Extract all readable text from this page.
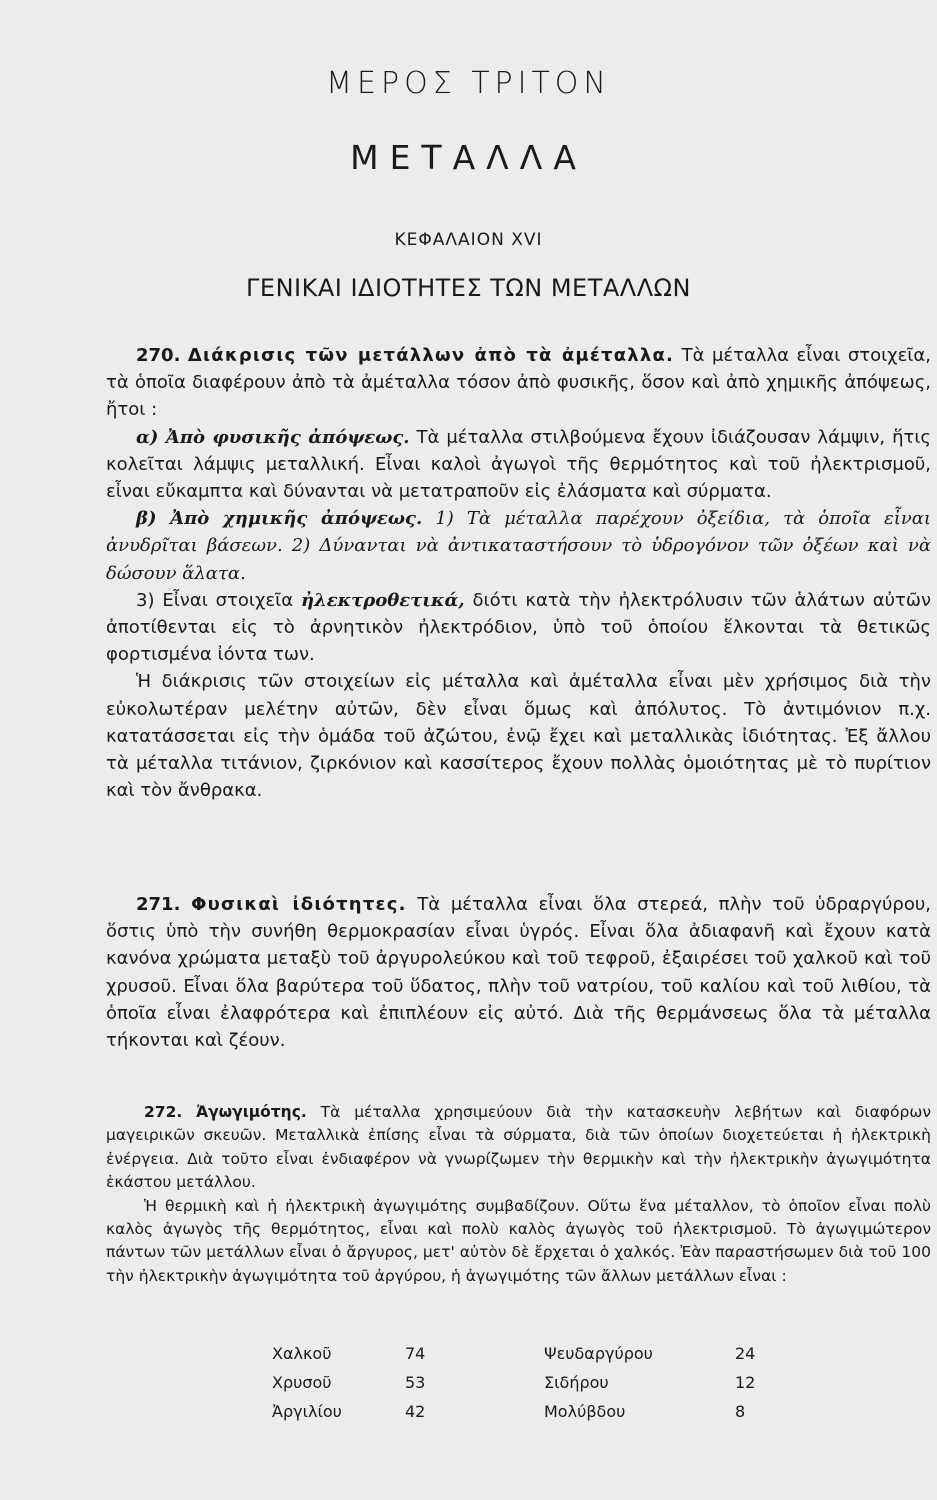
ΜΕΡΟΣ ΤΡΙΤΟΝ
ΜΕΤΑΛΛΑ
ΚΕΦΑΛΑΙΟΝ XVI
ΓΕΝΙΚΑΙ ΙΔΙΟΤΗΤΕΣ ΤΩΝ ΜΕΤΑΛΛΩΝ

270. Διάκρισις τῶν μετάλλων ἀπὸ τὰ ἀμέταλλα. Τὰ μέταλλα εἶναι στοιχεῖα, τὰ ὁποῖα διαφέρουν ἀπὸ τὰ ἀμέταλλα τόσον ἀπὸ φυσικῆς, ὅσον καὶ ἀπὸ χημικῆς ἀπόψεως, ἤτοι :

α) Ἀπὸ φυσικῆς ἀπόψεως. Τὰ μέταλλα στιλβούμενα ἔχουν ἰδιάζουσαν λάμψιν, ἥτις κολεῖται λάμψις μεταλλική. Εἶναι καλοὶ ἀγωγοὶ τῆς θερμότητος καὶ τοῦ ἠλεκτρισμοῦ, εἶναι εὔκαμπτα καὶ δύνανται νὰ μετατραποῦν εἰς ἐλάσματα καὶ σύρματα.

β) Ἀπὸ χημικῆς ἀπόψεως. 1) Τὰ μέταλλα παρέχουν ὀξείδια, τὰ ὁποῖα εἶναι ἀνυδρῖται βάσεων. 2) Δύνανται νὰ ἀντικαταστήσουν τὸ ὑδρογόνον τῶν ὀξέων καὶ νὰ δώσουν ἅλατα.

3) Εἶναι στοιχεῖα ἠλεκτροθετικά, διότι κατὰ τὴν ἠλεκτρόλυσιν τῶν ἁλάτων αὐτῶν ἀποτίθενται εἰς τὸ ἀρνητικὸν ἠλεκτρόδιον, ὑπὸ τοῦ ὁποίου ἕλκονται τὰ θετικῶς φορτισμένα ἰόντα των.

Ἡ διάκρισις τῶν στοιχείων εἰς μέταλλα καὶ ἀμέταλλα εἶναι μὲν χρήσιμος διὰ τὴν εὐκολωτέραν μελέτην αὐτῶν, δὲν εἶναι ὅμως καὶ ἀπόλυτος. Τὸ ἀντιμόνιον π.χ. κατατάσσεται εἰς τὴν ὁμάδα τοῦ ἀζώτου, ἐνῷ ἔχει καὶ μεταλλικὰς ἰδιότητας. Ἐξ ἄλλου τὰ μέταλλα τιτάνιον, ζιρκόνιον καὶ κασσίτερος ἔχουν πολλὰς ὁμοιότητας μὲ τὸ πυρίτιον καὶ τὸν ἄνθρακα.

271. Φυσικαὶ ἰδιότητες. Τὰ μέταλλα εἶναι ὅλα στερεά, πλὴν τοῦ ὑδραργύρου, ὅστις ὑπὸ τὴν συνήθη θερμοκρασίαν εἶναι ὑγρός. Εἶναι ὅλα ἀδιαφανῆ καὶ ἔχουν κατὰ κανόνα χρώματα μεταξὺ τοῦ ἀργυρολεύκου καὶ τοῦ τεφροῦ, ἐξαιρέσει τοῦ χαλκοῦ καὶ τοῦ χρυσοῦ. Εἶναι ὅλα βαρύτερα τοῦ ὕδατος, πλὴν τοῦ νατρίου, τοῦ καλίου καὶ τοῦ λιθίου, τὰ ὁποῖα εἶναι ἐλαφρότερα καὶ ἐπιπλέουν εἰς αὐτό. Διὰ τῆς θερμάνσεως ὅλα τὰ μέταλλα τήκονται καὶ ζέουν.

272. Ἀγωγιμότης. Τὰ μέταλλα χρησιμεύουν διὰ τὴν κατασκευὴν λεβήτων καὶ διαφόρων μαγειρικῶν σκευῶν. Μεταλλικὰ ἐπίσης εἶναι τὰ σύρματα, διὰ τῶν ὁποίων διοχετεύεται ἡ ἠλεκτρικὴ ἐνέργεια. Διὰ τοῦτο εἶναι ἐνδιαφέρον νὰ γνωρίζωμεν τὴν θερμικὴν καὶ τὴν ἠλεκτρικὴν ἀγωγιμότητα ἑκάστου μετάλλου.

Ἡ θερμικὴ καὶ ἡ ἠλεκτρικὴ ἀγωγιμότης συμβαδίζουν. Οὕτω ἕνα μέταλλον, τὸ ὁποῖον εἶναι πολὺ καλὸς ἀγωγὸς τῆς θερμότητος, εἶναι καὶ πολὺ καλὸς ἀγωγὸς τοῦ ἠλεκτρισμοῦ. Τὸ ἀγωγιμώτερον πάντων τῶν μετάλλων εἶναι ὁ ἄργυρος, μετ' αὐτὸν δὲ ἔρχεται ὁ χαλκός. Ἐὰν παραστήσωμεν διὰ τοῦ 100 τὴν ἠλεκτρικὴν ἀγωγιμότητα τοῦ ἀργύρου, ἡ ἀγωγιμότης τῶν ἄλλων μετάλλων εἶναι :

Χαλκοῦ	74	Ψευδαργύρου	24
Χρυσοῦ	53	Σιδήρου	12
Ἀργιλίου	42	Μολύβδου	8
